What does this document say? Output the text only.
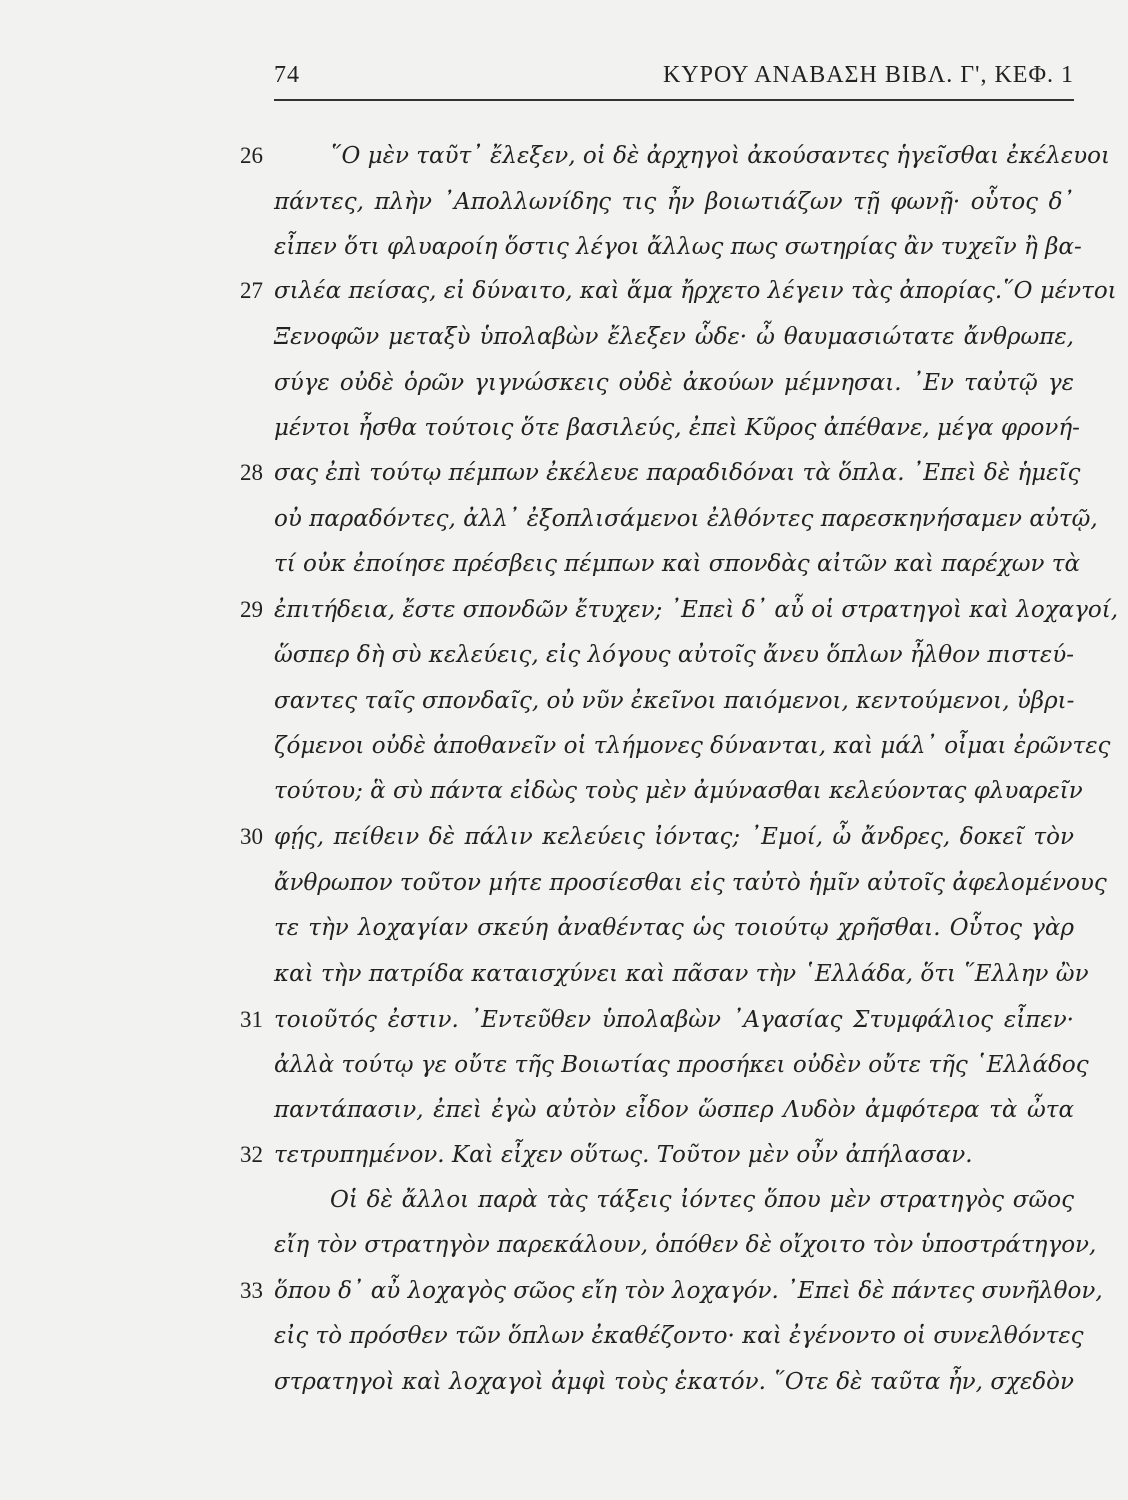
74	ΚΥΡΟΥ ΑΝΑΒΑΣΗ ΒΙΒΛ. Γ', ΚΕΦ. 1
26
27
28
29
30
31
32
33
῞Ο μὲν ταῦτ᾽ ἔλεξεν, οἱ δὲ ἀρχηγοὶ ἀκούσαντες ἡγεῖσθαι ἐκέλευοι
πάντες, πλὴν ᾿Απολλωνίδης τις ἦν βοιωτιάζων τῇ φωνῇ· οὗτος δ᾽
εἶπεν ὅτι φλυαροίη ὅστις λέγοι ἄλλως πως σωτηρίας ἂν τυχεῖν ἢ βα-
σιλέα πείσας, εἰ δύναιτο, καὶ ἅμα ἤρχετο λέγειν τὰς ἀπορίας.῞Ο μέντοι
Ξενοφῶν μεταξὺ ὑπολαβὼν ἔλεξεν ὧδε· ὦ θαυμασιώτατε ἄνθρωπε,
σύγε οὐδὲ ὁρῶν γιγνώσκεις οὐδὲ ἀκούων μέμνησαι. ᾿Εν ταὐτῷ γε
μέντοι ἦσθα τούτοις ὅτε βασιλεύς, ἐπεὶ Κῦρος ἀπέθανε, μέγα φρονή-
σας ἐπὶ τούτῳ πέμπων ἐκέλευε παραδιδόναι τὰ ὅπλα. ᾿Επεὶ δὲ ἡμεῖς
οὐ παραδόντες, ἀλλ᾽ ἐξοπλισάμενοι ἐλθόντες παρεσκηνήσαμεν αὐτῷ,
τί οὐκ ἐποίησε πρέσβεις πέμπων καὶ σπονδὰς αἰτῶν καὶ παρέχων τὰ
ἐπιτήδεια, ἔστε σπονδῶν ἔτυχεν; ᾿Επεὶ δ᾽ αὖ οἱ στρατηγοὶ καὶ λοχαγοί,
ὥσπερ δὴ σὺ κελεύεις, εἰς λόγους αὐτοῖς ἄνευ ὅπλων ἦλθον πιστεύ-
σαντες ταῖς σπονδαῖς, οὐ νῦν ἐκεῖνοι παιόμενοι, κεντούμενοι, ὑβρι-
ζόμενοι οὐδὲ ἀποθανεῖν οἱ τλήμονες δύνανται, καὶ μάλ᾽ οἶμαι ἐρῶντες
τούτου; ἃ σὺ πάντα εἰδὼς τοὺς μὲν ἀμύνασθαι κελεύοντας φλυαρεῖν
φῄς, πείθειν δὲ πάλιν κελεύεις ἰόντας; ᾿Εμοί, ὦ ἄνδρες, δοκεῖ τὸν
ἄνθρωπον τοῦτον μήτε προσίεσθαι εἰς ταὐτὸ ἡμῖν αὐτοῖς ἀφελομένους
τε τὴν λοχαγίαν σκεύη ἀναθέντας ὡς τοιούτῳ χρῆσθαι. Οὗτος γὰρ
καὶ τὴν πατρίδα καταισχύνει καὶ πᾶσαν τὴν ῾Ελλάδα, ὅτι ῞Ελλην ὢν
τοιοῦτός ἐστιν. ᾿Εντεῦθεν ὑπολαβὼν ᾿Αγασίας Στυμφάλιος εἶπεν·
ἀλλὰ τούτῳ γε οὔτε τῆς Βοιωτίας προσήκει οὐδὲν οὔτε τῆς ῾Ελλάδος
παντάπασιν, ἐπεὶ ἐγὼ αὐτὸν εἶδον ὥσπερ Λυδὸν ἀμφότερα τὰ ὦτα
τετρυπημένον. Καὶ εἶχεν οὕτως. Τοῦτον μὲν οὖν ἀπήλασαν.
Οἱ δὲ ἄλλοι παρὰ τὰς τάξεις ἰόντες ὅπου μὲν στρατηγὸς σῶος
εἴη τὸν στρατηγὸν παρεκάλουν, ὁπόθεν δὲ οἴχοιτο τὸν ὑποστράτηγον,
ὅπου δ᾽ αὖ λοχαγὸς σῶος εἴη τὸν λοχαγόν. ᾿Επεὶ δὲ πάντες συνῆλθον,
εἰς τὸ πρόσθεν τῶν ὅπλων ἐκαθέζοντο· καὶ ἐγένοντο οἱ συνελθόντες
στρατηγοὶ καὶ λοχαγοὶ ἀμφὶ τοὺς ἑκατόν. ῞Οτε δὲ ταῦτα ἦν, σχεδὸν
